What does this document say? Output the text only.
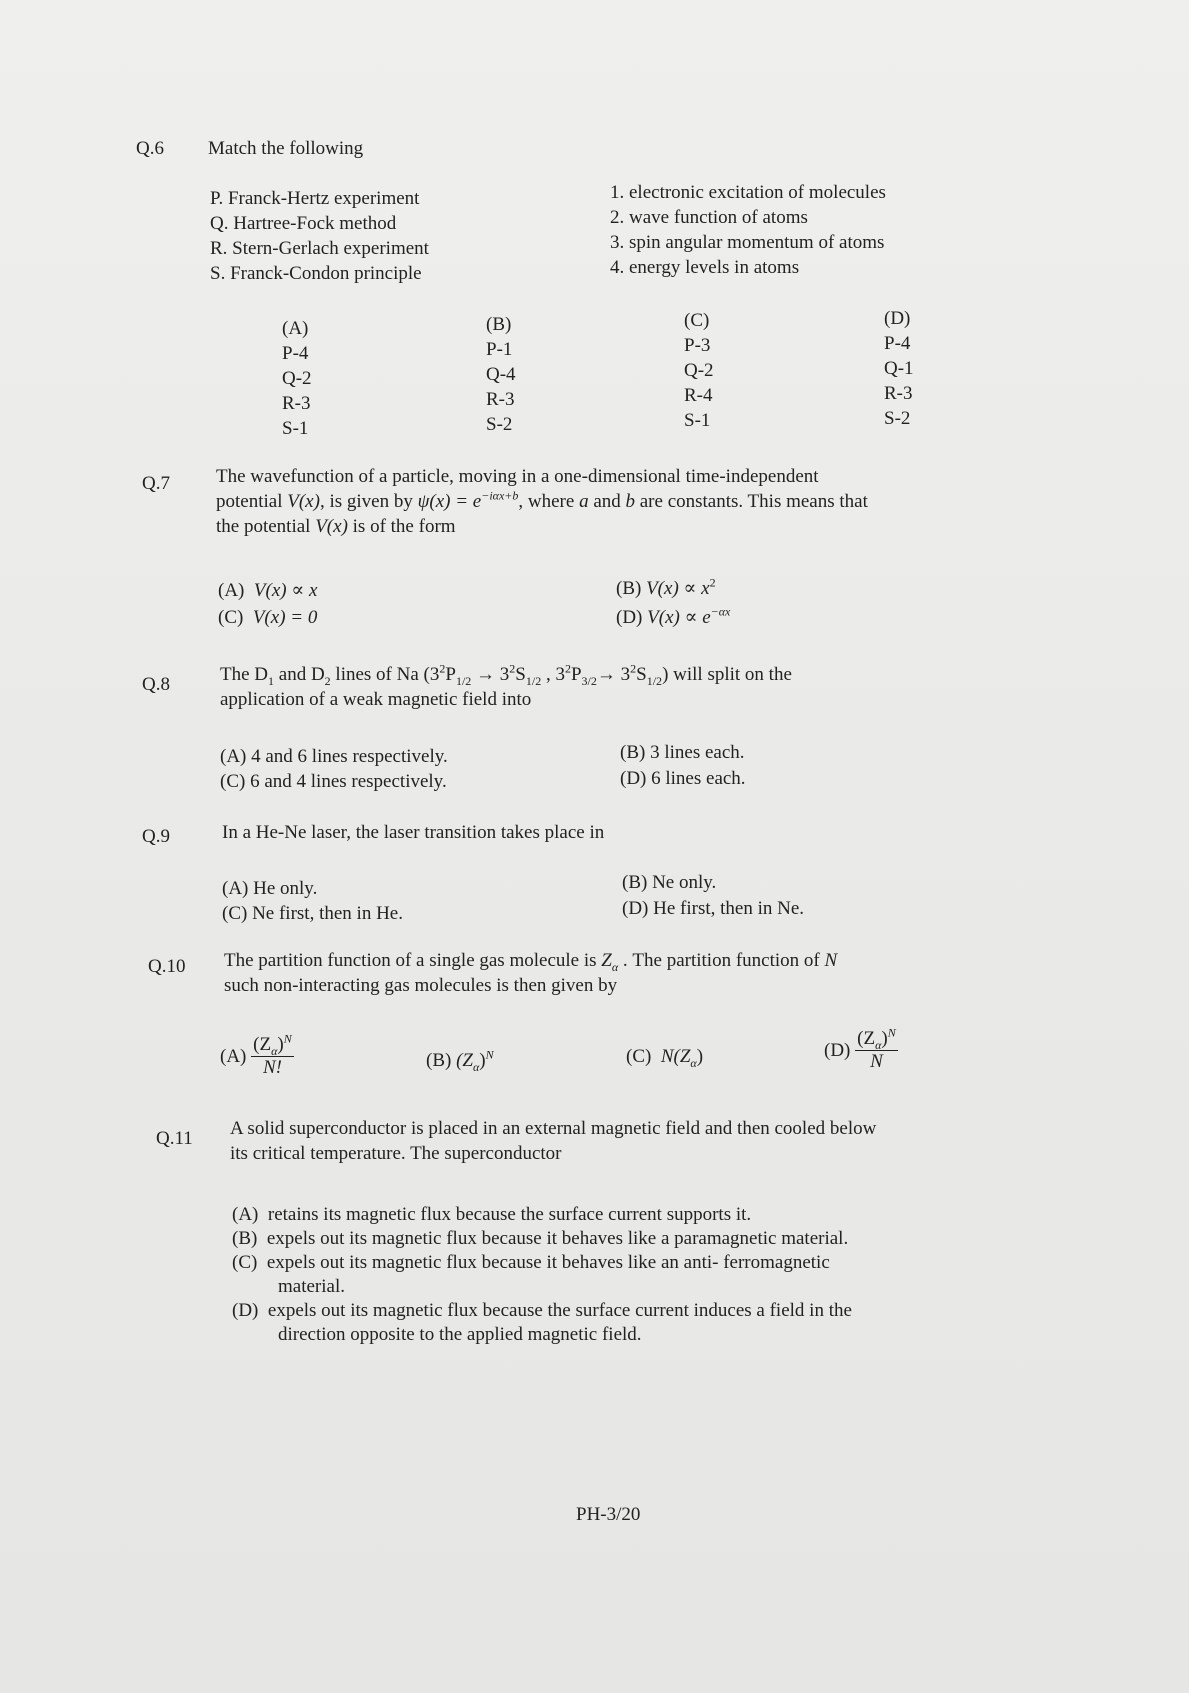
Q.6 Match the following
P. Franck-Hertz experiment
Q. Hartree-Fock method
R. Stern-Gerlach experiment
S. Franck-Condon principle
1. electronic excitation of molecules
2. wave function of atoms
3. spin angular momentum of atoms
4. energy levels in atoms
(A)
P-4
Q-2
R-3
S-1
(B)
P-1
Q-4
R-3
S-2
(C)
P-3
Q-2
R-4
S-1
(D)
P-4
Q-1
R-3
S-2
Q.7 The wavefunction of a particle, moving in a one-dimensional time-independent
potential V(x), is given by $\psi(x) = e^{-i\alpha x+b}$, where a and b are constants. This means that
the potential V(x) is of the form
(A) V(x) ∝ x	(B) $V(x) \propto x^2$
(C) V(x) = 0	(D) $V(x) \propto e^{-\alpha x}$
Q.8	The $D_1$ and $D_2$ lines of Na ($3^2P_{1/2} \to 3^2S_{1/2}$ , $3^2P_{3/2}\to 3^2S_{1/2}$) will split on the
application of a weak magnetic field into
(A) 4 and 6 lines respectively.	(B) 3 lines each.
(C) 6 and 4 lines respectively.	(D) 6 lines each.
Q.9	In a He-Ne laser, the laser transition takes place in
(A) He only.	(B) Ne only.
(C) Ne first, then in He.	(D) He first, then in Ne.
Q.10 The partition function of a single gas molecule is $Z_\alpha$ . The partition function of N
such non-interacting gas molecules is then given by
$(A) \frac{(Z_\alpha)^N}{N!}$	(B) $(Z_\alpha)^N$	(C) $N(Z_\alpha)$	$(D) \frac{(Z_\alpha)^N}{N}$
Q.11 A solid superconductor is placed in an external magnetic field and then cooled below
its critical temperature. The superconductor
(A) retains its magnetic flux because the surface current supports it.
(B) expels out its magnetic flux because it behaves like a paramagnetic material.
(C) expels out its magnetic flux because it behaves like an anti- ferromagnetic
material.
(D) expels out its magnetic flux because the surface current induces a field in the
direction opposite to the applied magnetic field.
PH-3/20
